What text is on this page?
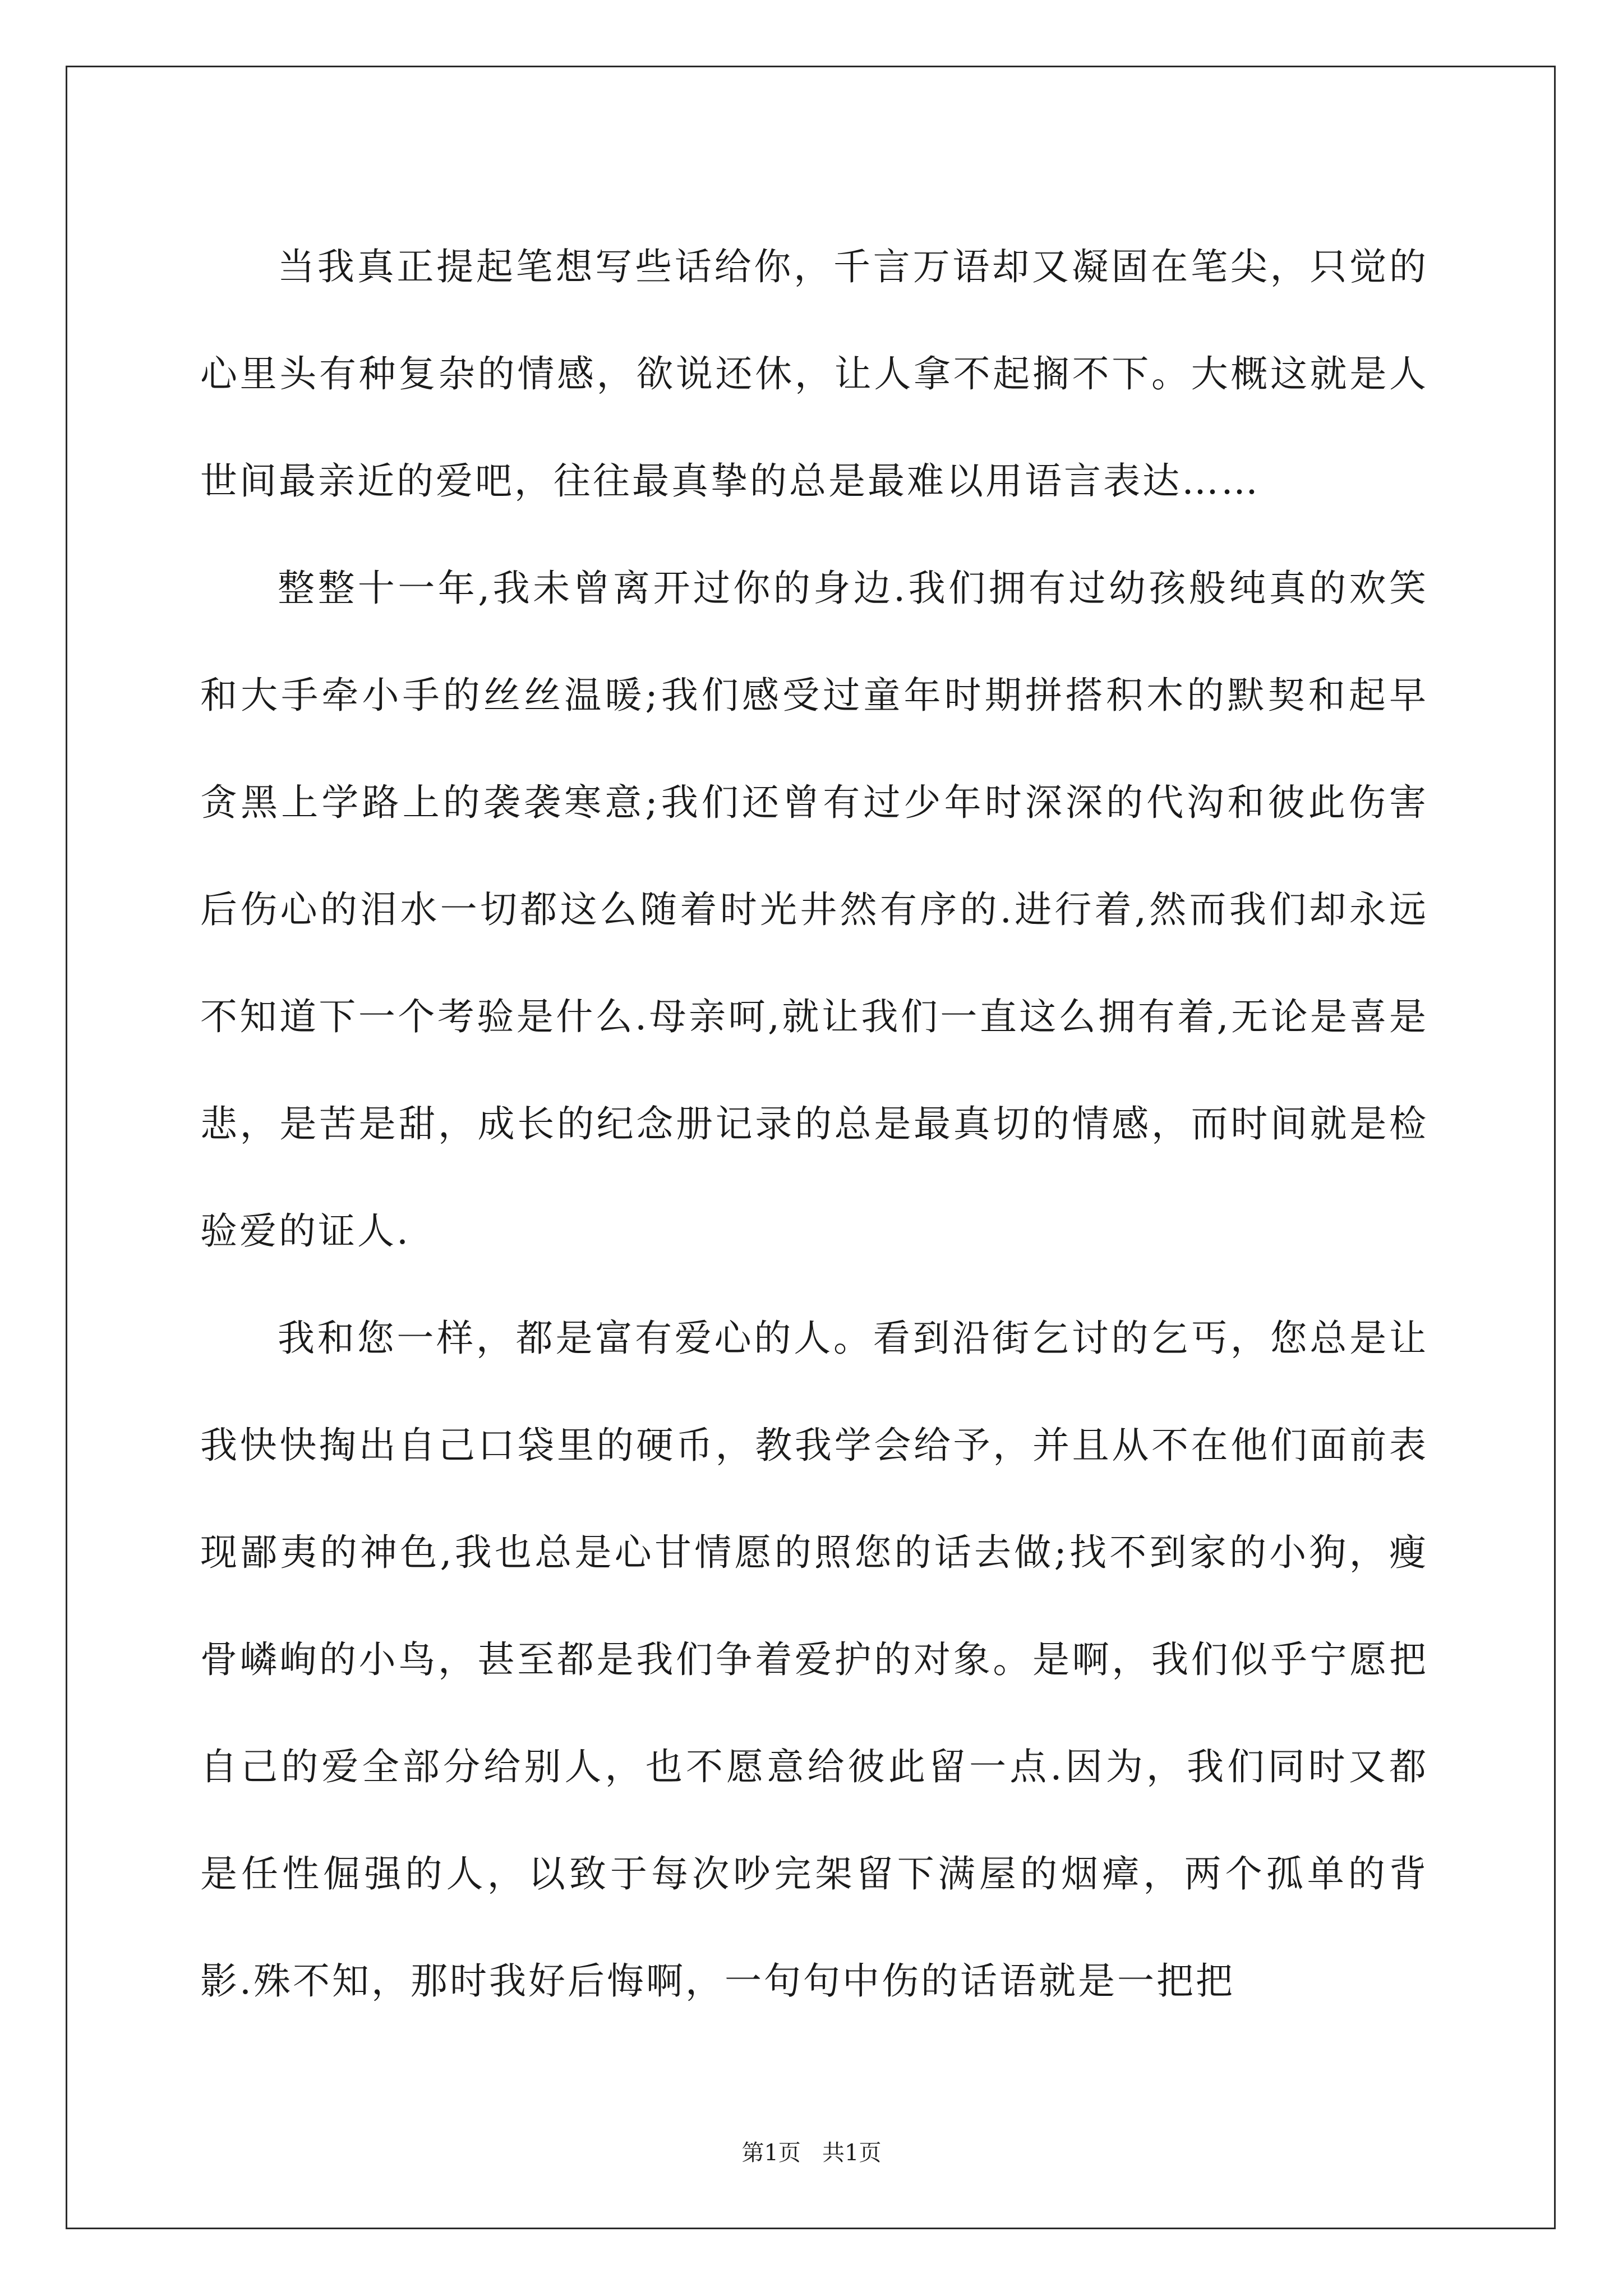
当我真正提起笔想写些话给你，千言万语却又凝固在笔尖，只觉的心里头有种复杂的情感，欲说还休，让人拿不起搁不下。大概这就是人世间最亲近的爱吧，往往最真挚的总是最难以用语言表达……

整整十一年,我未曾离开过你的身边.我们拥有过幼孩般纯真的欢笑和大手牵小手的丝丝温暖;我们感受过童年时期拼搭积木的默契和起早贪黑上学路上的袭袭寒意;我们还曾有过少年时深深的代沟和彼此伤害后伤心的泪水一切都这么随着时光井然有序的.进行着,然而我们却永远不知道下一个考验是什么.母亲呵,就让我们一直这么拥有着,无论是喜是悲，是苦是甜，成长的纪念册记录的总是最真切的情感，而时间就是检验爱的证人.

我和您一样，都是富有爱心的人。看到沿街乞讨的乞丐，您总是让我快快掏出自己口袋里的硬币，教我学会给予，并且从不在他们面前表现鄙夷的神色,我也总是心甘情愿的照您的话去做;找不到家的小狗，瘦骨嶙峋的小鸟，甚至都是我们争着爱护的对象。是啊，我们似乎宁愿把自己的爱全部分给别人，也不愿意给彼此留一点.因为，我们同时又都是任性倔强的人，以致于每次吵完架留下满屋的烟瘴，两个孤单的背影.殊不知，那时我好后悔啊，一句句中伤的话语就是一把把

第1页   共1页
